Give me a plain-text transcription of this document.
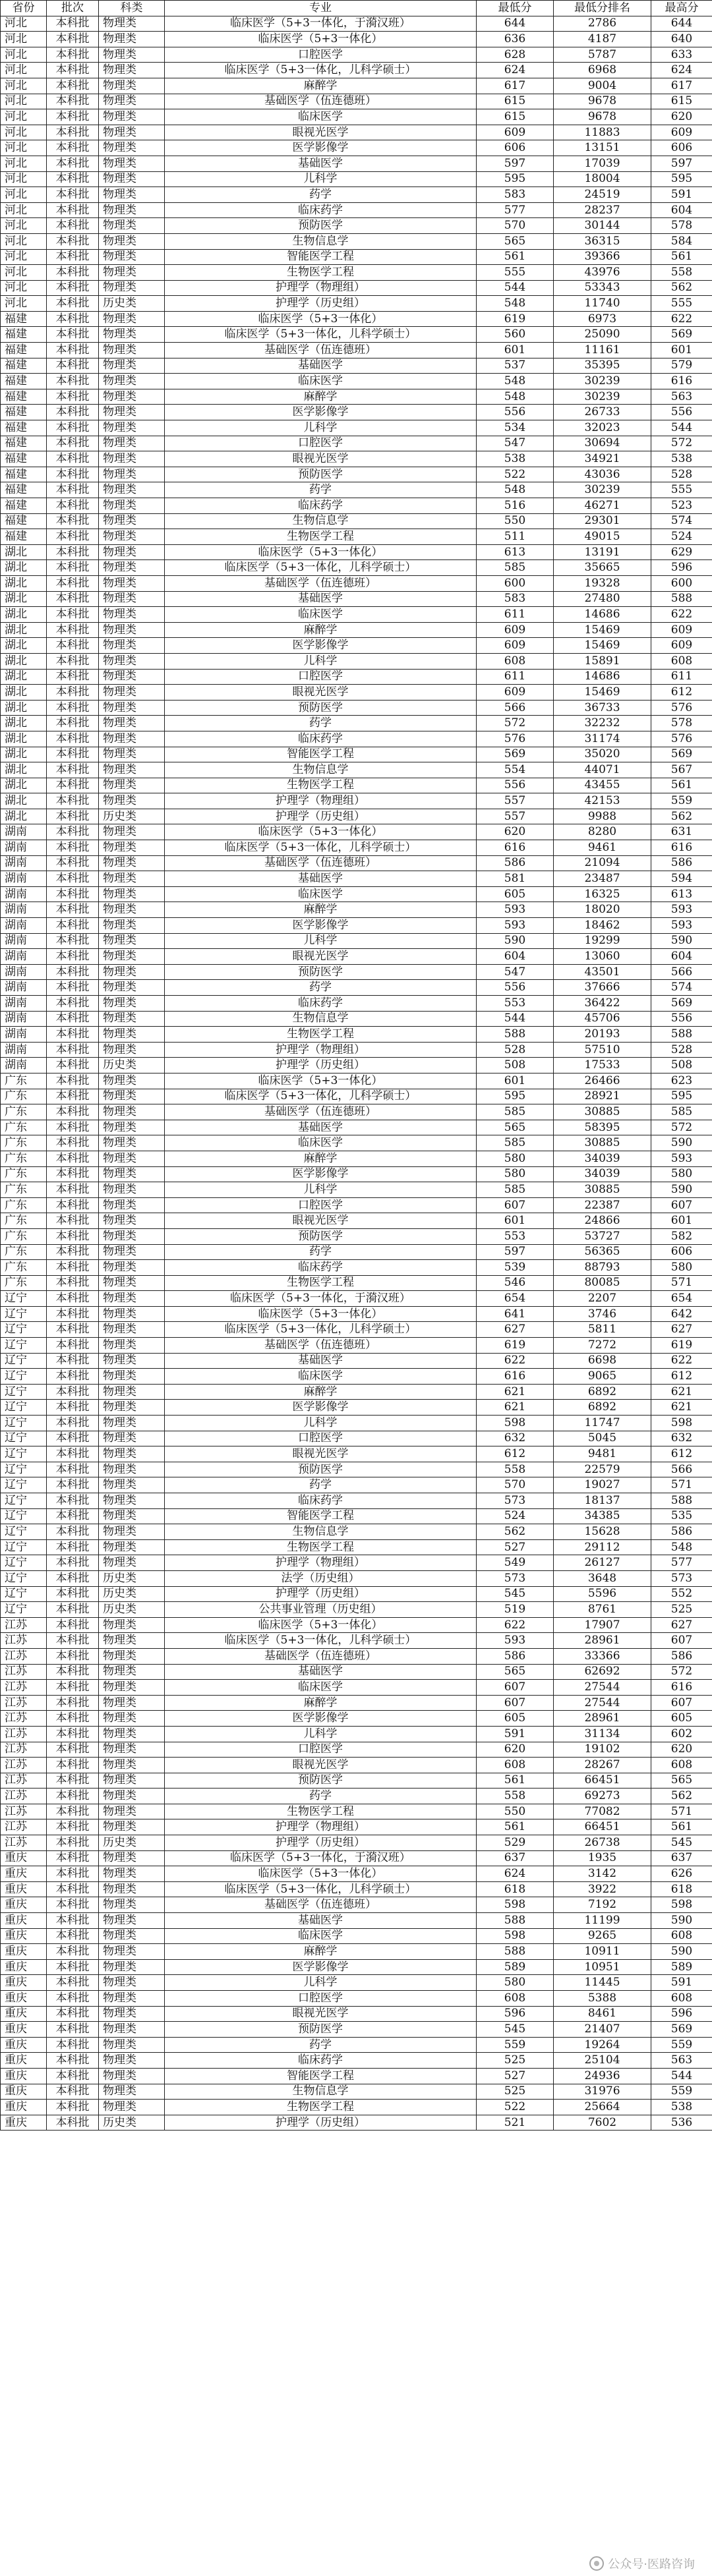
省份	批次	科类	专业	最低分	最低分排名	最高分
河北	本科批	物理类	临床医学（5+3一体化，于漪汉班）	644	2786	644
河北	本科批	物理类	临床医学（5+3一体化）	636	4187	640
河北	本科批	物理类	口腔医学	628	5787	633
河北	本科批	物理类	临床医学（5+3一体化，儿科学硕士）	624	6968	624
河北	本科批	物理类	麻醉学	617	9004	617
河北	本科批	物理类	基础医学（伍连德班）	615	9678	615
河北	本科批	物理类	临床医学	615	9678	620
河北	本科批	物理类	眼视光医学	609	11883	609
河北	本科批	物理类	医学影像学	606	13151	606
河北	本科批	物理类	基础医学	597	17039	597
河北	本科批	物理类	儿科学	595	18004	595
河北	本科批	物理类	药学	583	24519	591
河北	本科批	物理类	临床药学	577	28237	604
河北	本科批	物理类	预防医学	570	30144	578
河北	本科批	物理类	生物信息学	565	36315	584
河北	本科批	物理类	智能医学工程	561	39366	561
河北	本科批	物理类	生物医学工程	555	43976	558
河北	本科批	物理类	护理学（物理组）	544	53343	562
河北	本科批	历史类	护理学（历史组）	548	11740	555
福建	本科批	物理类	临床医学（5+3一体化）	619	6973	622
福建	本科批	物理类	临床医学（5+3一体化，儿科学硕士）	560	25090	569
福建	本科批	物理类	基础医学（伍连德班）	601	11161	601
福建	本科批	物理类	基础医学	537	35395	579
福建	本科批	物理类	临床医学	548	30239	616
福建	本科批	物理类	麻醉学	548	30239	563
福建	本科批	物理类	医学影像学	556	26733	556
福建	本科批	物理类	儿科学	534	32023	544
福建	本科批	物理类	口腔医学	547	30694	572
福建	本科批	物理类	眼视光医学	538	34921	538
福建	本科批	物理类	预防医学	522	43036	528
福建	本科批	物理类	药学	548	30239	555
福建	本科批	物理类	临床药学	516	46271	523
福建	本科批	物理类	生物信息学	550	29301	574
福建	本科批	物理类	生物医学工程	511	49015	524
湖北	本科批	物理类	临床医学（5+3一体化）	613	13191	629
湖北	本科批	物理类	临床医学（5+3一体化，儿科学硕士）	585	35665	596
湖北	本科批	物理类	基础医学（伍连德班）	600	19328	600
湖北	本科批	物理类	基础医学	583	27480	588
湖北	本科批	物理类	临床医学	611	14686	622
湖北	本科批	物理类	麻醉学	609	15469	609
湖北	本科批	物理类	医学影像学	609	15469	609
湖北	本科批	物理类	儿科学	608	15891	608
湖北	本科批	物理类	口腔医学	611	14686	611
湖北	本科批	物理类	眼视光医学	609	15469	612
湖北	本科批	物理类	预防医学	566	36733	576
湖北	本科批	物理类	药学	572	32232	578
湖北	本科批	物理类	临床药学	576	31174	576
湖北	本科批	物理类	智能医学工程	569	35020	569
湖北	本科批	物理类	生物信息学	554	44071	567
湖北	本科批	物理类	生物医学工程	556	43455	561
湖北	本科批	物理类	护理学（物理组）	557	42153	559
湖北	本科批	历史类	护理学（历史组）	557	9988	562
湖南	本科批	物理类	临床医学（5+3一体化）	620	8280	631
湖南	本科批	物理类	临床医学（5+3一体化，儿科学硕士）	616	9461	616
湖南	本科批	物理类	基础医学（伍连德班）	586	21094	586
湖南	本科批	物理类	基础医学	581	23487	594
湖南	本科批	物理类	临床医学	605	16325	613
湖南	本科批	物理类	麻醉学	593	18020	593
湖南	本科批	物理类	医学影像学	593	18462	593
湖南	本科批	物理类	儿科学	590	19299	590
湖南	本科批	物理类	眼视光医学	604	13060	604
湖南	本科批	物理类	预防医学	547	43501	566
湖南	本科批	物理类	药学	556	37666	574
湖南	本科批	物理类	临床药学	553	36422	569
湖南	本科批	物理类	生物信息学	544	45706	556
湖南	本科批	物理类	生物医学工程	588	20193	588
湖南	本科批	物理类	护理学（物理组）	528	57510	528
湖南	本科批	历史类	护理学（历史组）	508	17533	508
广东	本科批	物理类	临床医学（5+3一体化）	601	26466	623
广东	本科批	物理类	临床医学（5+3一体化，儿科学硕士）	595	28921	595
广东	本科批	物理类	基础医学（伍连德班）	585	30885	585
广东	本科批	物理类	基础医学	565	58395	572
广东	本科批	物理类	临床医学	585	30885	590
广东	本科批	物理类	麻醉学	580	34039	593
广东	本科批	物理类	医学影像学	580	34039	580
广东	本科批	物理类	儿科学	585	30885	590
广东	本科批	物理类	口腔医学	607	22387	607
广东	本科批	物理类	眼视光医学	601	24866	601
广东	本科批	物理类	预防医学	553	53727	582
广东	本科批	物理类	药学	597	56365	606
广东	本科批	物理类	临床药学	539	88793	580
广东	本科批	物理类	生物医学工程	546	80085	571
辽宁	本科批	物理类	临床医学（5+3一体化，于漪汉班）	654	2207	654
辽宁	本科批	物理类	临床医学（5+3一体化）	641	3746	642
辽宁	本科批	物理类	临床医学（5+3一体化，儿科学硕士）	627	5811	627
辽宁	本科批	物理类	基础医学（伍连德班）	619	7272	619
辽宁	本科批	物理类	基础医学	622	6698	622
辽宁	本科批	物理类	临床医学	616	9065	612
辽宁	本科批	物理类	麻醉学	621	6892	621
辽宁	本科批	物理类	医学影像学	621	6892	621
辽宁	本科批	物理类	儿科学	598	11747	598
辽宁	本科批	物理类	口腔医学	632	5045	632
辽宁	本科批	物理类	眼视光医学	612	9481	612
辽宁	本科批	物理类	预防医学	558	22579	566
辽宁	本科批	物理类	药学	570	19027	571
辽宁	本科批	物理类	临床药学	573	18137	588
辽宁	本科批	物理类	智能医学工程	524	34385	535
辽宁	本科批	物理类	生物信息学	562	15628	586
辽宁	本科批	物理类	生物医学工程	527	29112	548
辽宁	本科批	物理类	护理学（物理组）	549	26127	577
辽宁	本科批	历史类	法学（历史组）	573	3648	573
辽宁	本科批	历史类	护理学（历史组）	545	5596	552
辽宁	本科批	历史类	公共事业管理（历史组）	519	8761	525
江苏	本科批	物理类	临床医学（5+3一体化）	622	17907	627
江苏	本科批	物理类	临床医学（5+3一体化，儿科学硕士）	593	28961	607
江苏	本科批	物理类	基础医学（伍连德班）	586	33366	586
江苏	本科批	物理类	基础医学	565	62692	572
江苏	本科批	物理类	临床医学	607	27544	616
江苏	本科批	物理类	麻醉学	607	27544	607
江苏	本科批	物理类	医学影像学	605	28961	605
江苏	本科批	物理类	儿科学	591	31134	602
江苏	本科批	物理类	口腔医学	620	19102	620
江苏	本科批	物理类	眼视光医学	608	28267	608
江苏	本科批	物理类	预防医学	561	66451	565
江苏	本科批	物理类	药学	558	69273	562
江苏	本科批	物理类	生物医学工程	550	77082	571
江苏	本科批	物理类	护理学（物理组）	561	66451	561
江苏	本科批	历史类	护理学（历史组）	529	26738	545
重庆	本科批	物理类	临床医学（5+3一体化，于漪汉班）	637	1935	637
重庆	本科批	物理类	临床医学（5+3一体化）	624	3142	626
重庆	本科批	物理类	临床医学（5+3一体化，儿科学硕士）	618	3922	618
重庆	本科批	物理类	基础医学（伍连德班）	598	7192	598
重庆	本科批	物理类	基础医学	588	11199	590
重庆	本科批	物理类	临床医学	598	9265	608
重庆	本科批	物理类	麻醉学	588	10911	590
重庆	本科批	物理类	医学影像学	589	10951	589
重庆	本科批	物理类	儿科学	580	11445	591
重庆	本科批	物理类	口腔医学	608	5388	608
重庆	本科批	物理类	眼视光医学	596	8461	596
重庆	本科批	物理类	预防医学	545	21407	569
重庆	本科批	物理类	药学	559	19264	559
重庆	本科批	物理类	临床药学	525	25104	563
重庆	本科批	物理类	智能医学工程	527	24936	544
重庆	本科批	物理类	生物信息学	525	31976	559
重庆	本科批	物理类	生物医学工程	522	25664	538
重庆	本科批	历史类	护理学（历史组）	521	7602	536
公众号·医路咨询
